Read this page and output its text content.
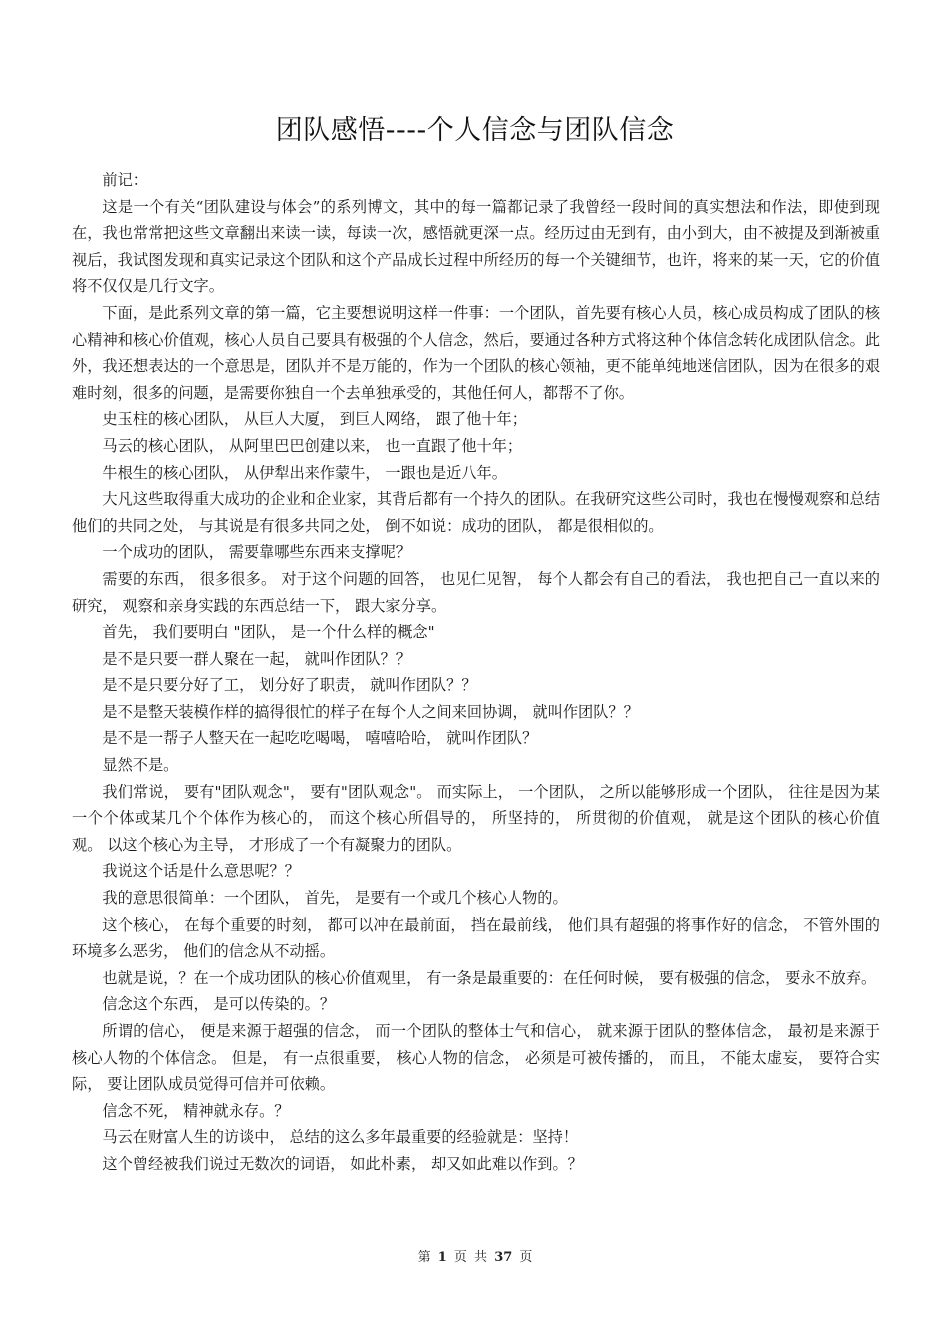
团队感悟----个人信念与团队信念

前记：

这是一个有关“团队建设与体会”的系列博文，其中的每一篇都记录了我曾经一段时间的真实想法和作法，即使到现在，我也常常把这些文章翻出来读一读，每读一次，感悟就更深一点。经历过由无到有，由小到大，由不被提及到渐被重视后，我试图发现和真实记录这个团队和这个产品成长过程中所经历的每一个关键细节，也许，将来的某一天，它的价值将不仅仅是几行文字。

下面，是此系列文章的第一篇，它主要想说明这样一件事：一个团队，首先要有核心人员，核心成员构成了团队的核心精神和核心价值观，核心人员自己要具有极强的个人信念，然后，要通过各种方式将这种个体信念转化成团队信念。此外，我还想表达的一个意思是，团队并不是万能的，作为一个团队的核心领袖，更不能单纯地迷信团队，因为在很多的艰难时刻，很多的问题，是需要你独自一个去单独承受的，其他任何人，都帮不了你。

史玉柱的核心团队， 从巨人大厦， 到巨人网络， 跟了他十年；

马云的核心团队， 从阿里巴巴创建以来， 也一直跟了他十年；

牛根生的核心团队， 从伊犁出来作蒙牛， 一跟也是近八年。

大凡这些取得重大成功的企业和企业家，其背后都有一个持久的团队。在我研究这些公司时，我也在慢慢观察和总结他们的共同之处， 与其说是有很多共同之处， 倒不如说：成功的团队， 都是很相似的。

一个成功的团队， 需要靠哪些东西来支撑呢？

需要的东西， 很多很多。 对于这个问题的回答， 也见仁见智， 每个人都会有自己的看法， 我也把自己一直以来的研究， 观察和亲身实践的东西总结一下， 跟大家分享。

首先， 我们要明白 "团队， 是一个什么样的概念"

是不是只要一群人聚在一起， 就叫作团队？？

是不是只要分好了工， 划分好了职责， 就叫作团队？？

是不是整天装模作样的搞得很忙的样子在每个人之间来回协调， 就叫作团队？？

是不是一帮子人整天在一起吃吃喝喝， 嘻嘻哈哈， 就叫作团队？

显然不是。

我们常说， 要有"团队观念"， 要有"团队观念"。 而实际上， 一个团队， 之所以能够形成一个团队， 往往是因为某一个个体或某几个个体作为核心的， 而这个核心所倡导的， 所坚持的， 所贯彻的价值观， 就是这个团队的核心价值观。 以这个核心为主导， 才形成了一个有凝聚力的团队。

我说这个话是什么意思呢？？

我的意思很简单：一个团队， 首先， 是要有一个或几个核心人物的。

这个核心， 在每个重要的时刻， 都可以冲在最前面， 挡在最前线， 他们具有超强的将事作好的信念， 不管外围的环境多么恶劣， 他们的信念从不动摇。

也就是说，？在一个成功团队的核心价值观里， 有一条是最重要的：在任何时候， 要有极强的信念， 要永不放弃。

信念这个东西， 是可以传染的。？

所谓的信心， 便是来源于超强的信念， 而一个团队的整体士气和信心， 就来源于团队的整体信念， 最初是来源于核心人物的个体信念。 但是， 有一点很重要， 核心人物的信念， 必须是可被传播的， 而且， 不能太虚妄， 要符合实际， 要让团队成员觉得可信并可依赖。

信念不死， 精神就永存。？

马云在财富人生的访谈中， 总结的这么多年最重要的经验就是：坚持！

这个曾经被我们说过无数次的词语， 如此朴素， 却又如此难以作到。？

第 1 页 共 37 页
